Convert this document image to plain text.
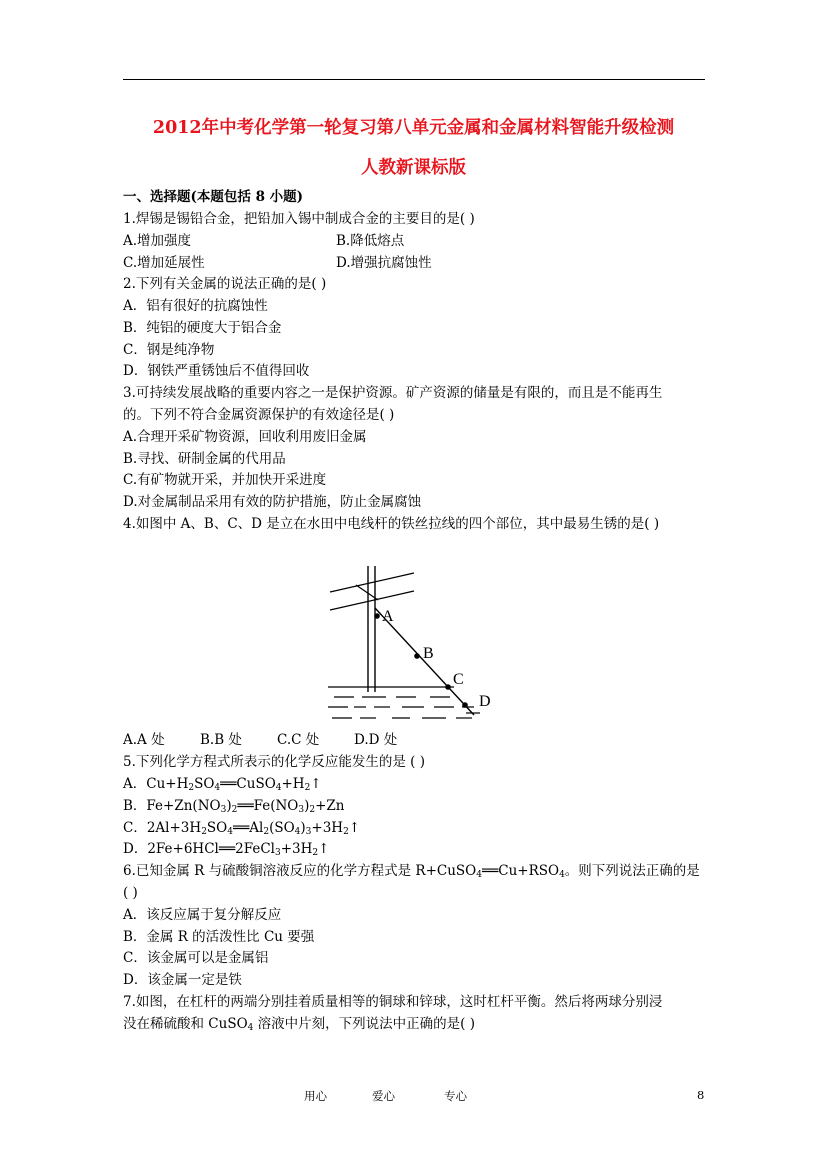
2012年中考化学第一轮复习第八单元金属和金属材料智能升级检测
人教新课标版
一、选择题(本题包括 8 小题)
1.焊锡是锡铅合金，把铅加入锡中制成合金的主要目的是( )
A.增加强度	B.降低熔点
C.增加延展性	D.增强抗腐蚀性
2.下列有关金属的说法正确的是( )
A．铝有很好的抗腐蚀性
B．纯铝的硬度大于铝合金
C．钢是纯净物
D．钢铁严重锈蚀后不值得回收
3.可持续发展战略的重要内容之一是保护资源。矿产资源的储量是有限的，而且是不能再生
的。下列不符合金属资源保护的有效途径是( )
A.合理开采矿物资源，回收利用废旧金属
B.寻找、研制金属的代用品
C.有矿物就开采，并加快开采进度
D.对金属制品采用有效的防护措施，防止金属腐蚀
4.如图中 A、B、C、D 是立在水田中电线杆的铁丝拉线的四个部位，其中最易生锈的是( )
A
B
C
D
A.A 处	B.B 处	C.C 处	D.D 处
5.下列化学方程式所表示的化学反应能发生的是 ( )
A．$Cu+H_2SO_4══CuSO_4+H_2↑$
B．$Fe+Zn(NO_3)_2══Fe(NO_3)_2+Zn$
C．$2Al+3H_2SO_4══Al_2(SO_4)_3+3H_2↑$
D．$2Fe+6HCl══2FeCl_3+3H_2↑$
6.已知金属 R 与硫酸铜溶液反应的化学方程式是 $R+CuSO_4══Cu+RSO_4$。则下列说法正确的是
( )
A．该反应属于复分解反应
B．金属 R 的活泼性比 Cu 要强
C．该金属可以是金属铝
D．该金属一定是铁
7.如图，在杠杆的两端分别挂着质量相等的铜球和锌球，这时杠杆平衡。然后将两球分别浸
没在稀硫酸和 CuSO$_4$ 溶液中片刻，下列说法中正确的是( )
用心	爱心	专心	8
